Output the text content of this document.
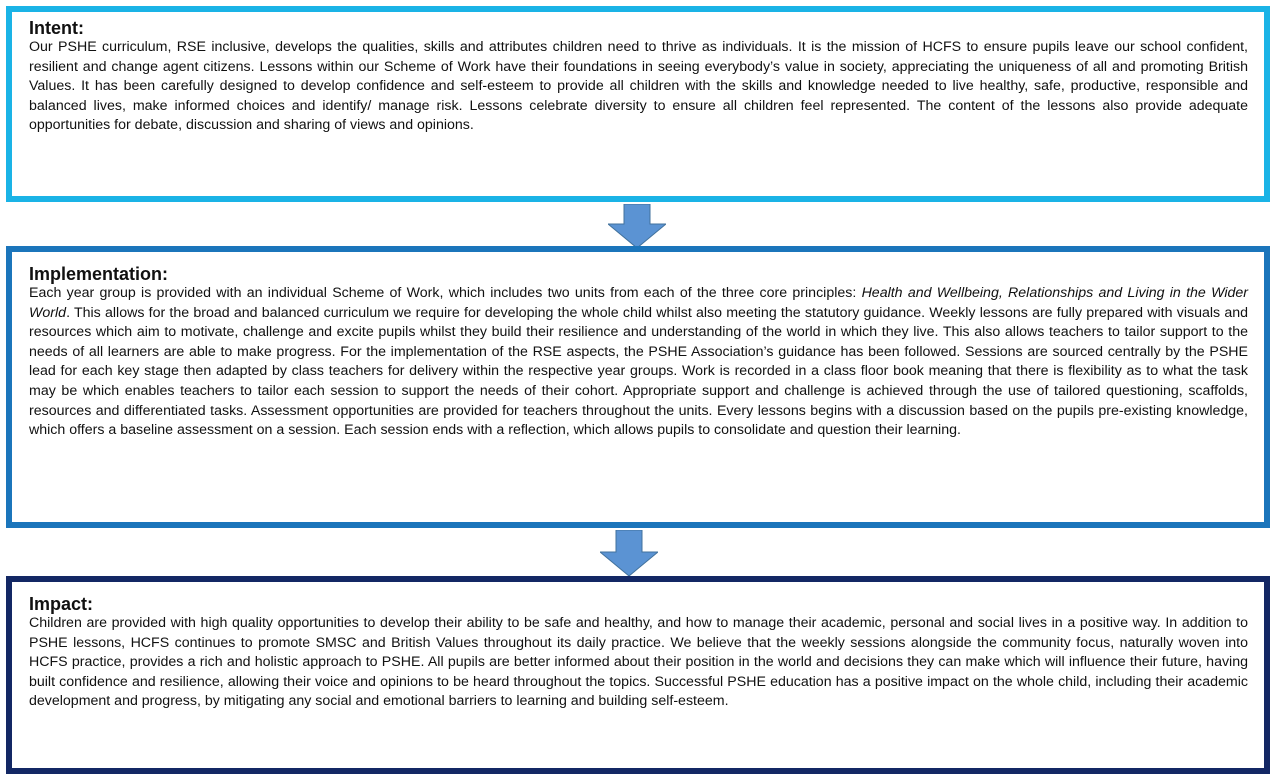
Intent:

Our PSHE curriculum, RSE inclusive, develops the qualities, skills and attributes children need to thrive as individuals. It is the mission of HCFS to ensure pupils leave our school confident, resilient and change agent citizens. Lessons within our Scheme of Work have their foundations in seeing everybody’s value in society, appreciating the uniqueness of all and promoting British Values. It has been carefully designed to develop confidence and self-esteem to provide all children with the skills and knowledge needed to live healthy, safe, productive, responsible and balanced lives, make informed choices and identify/ manage risk. Lessons celebrate diversity to ensure all children feel represented. The content of the lessons also provide adequate opportunities for debate, discussion and sharing of views and opinions.

Implementation:

Each year group is provided with an individual Scheme of Work, which includes two units from each of the three core principles: Health and Wellbeing, Relationships and Living in the Wider World. This allows for the broad and balanced curriculum we require for developing the whole child whilst also meeting the statutory guidance. Weekly lessons are fully prepared with visuals and resources which aim to motivate, challenge and excite pupils whilst they build their resilience and understanding of the world in which they live. This also allows teachers to tailor support to the needs of all learners are able to make progress. For the implementation of the RSE aspects, the PSHE Association’s guidance has been followed. Sessions are sourced centrally by the PSHE lead for each key stage then adapted by class teachers for delivery within the respective year groups. Work is recorded in a class floor book meaning that there is flexibility as to what the task may be which enables teachers to tailor each session to support the needs of their cohort. Appropriate support and challenge is achieved through the use of tailored questioning, scaffolds, resources and differentiated tasks. Assessment opportunities are provided for teachers throughout the units. Every lessons begins with a discussion based on the pupils pre-existing knowledge, which offers a baseline assessment on a session. Each session ends with a reflection, which allows pupils to consolidate and question their learning.

Impact:

Children are provided with high quality opportunities to develop their ability to be safe and healthy, and how to manage their academic, personal and social lives in a positive way. In addition to PSHE lessons, HCFS continues to promote SMSC and British Values throughout its daily practice. We believe that the weekly sessions alongside the community focus, naturally woven into HCFS practice, provides a rich and holistic approach to PSHE. All pupils are better informed about their position in the world and decisions they can make which will influence their future, having built confidence and resilience, allowing their voice and opinions to be heard throughout the topics. Successful PSHE education has a positive impact on the whole child, including their academic development and progress, by mitigating any social and emotional barriers to learning and building self-esteem.
